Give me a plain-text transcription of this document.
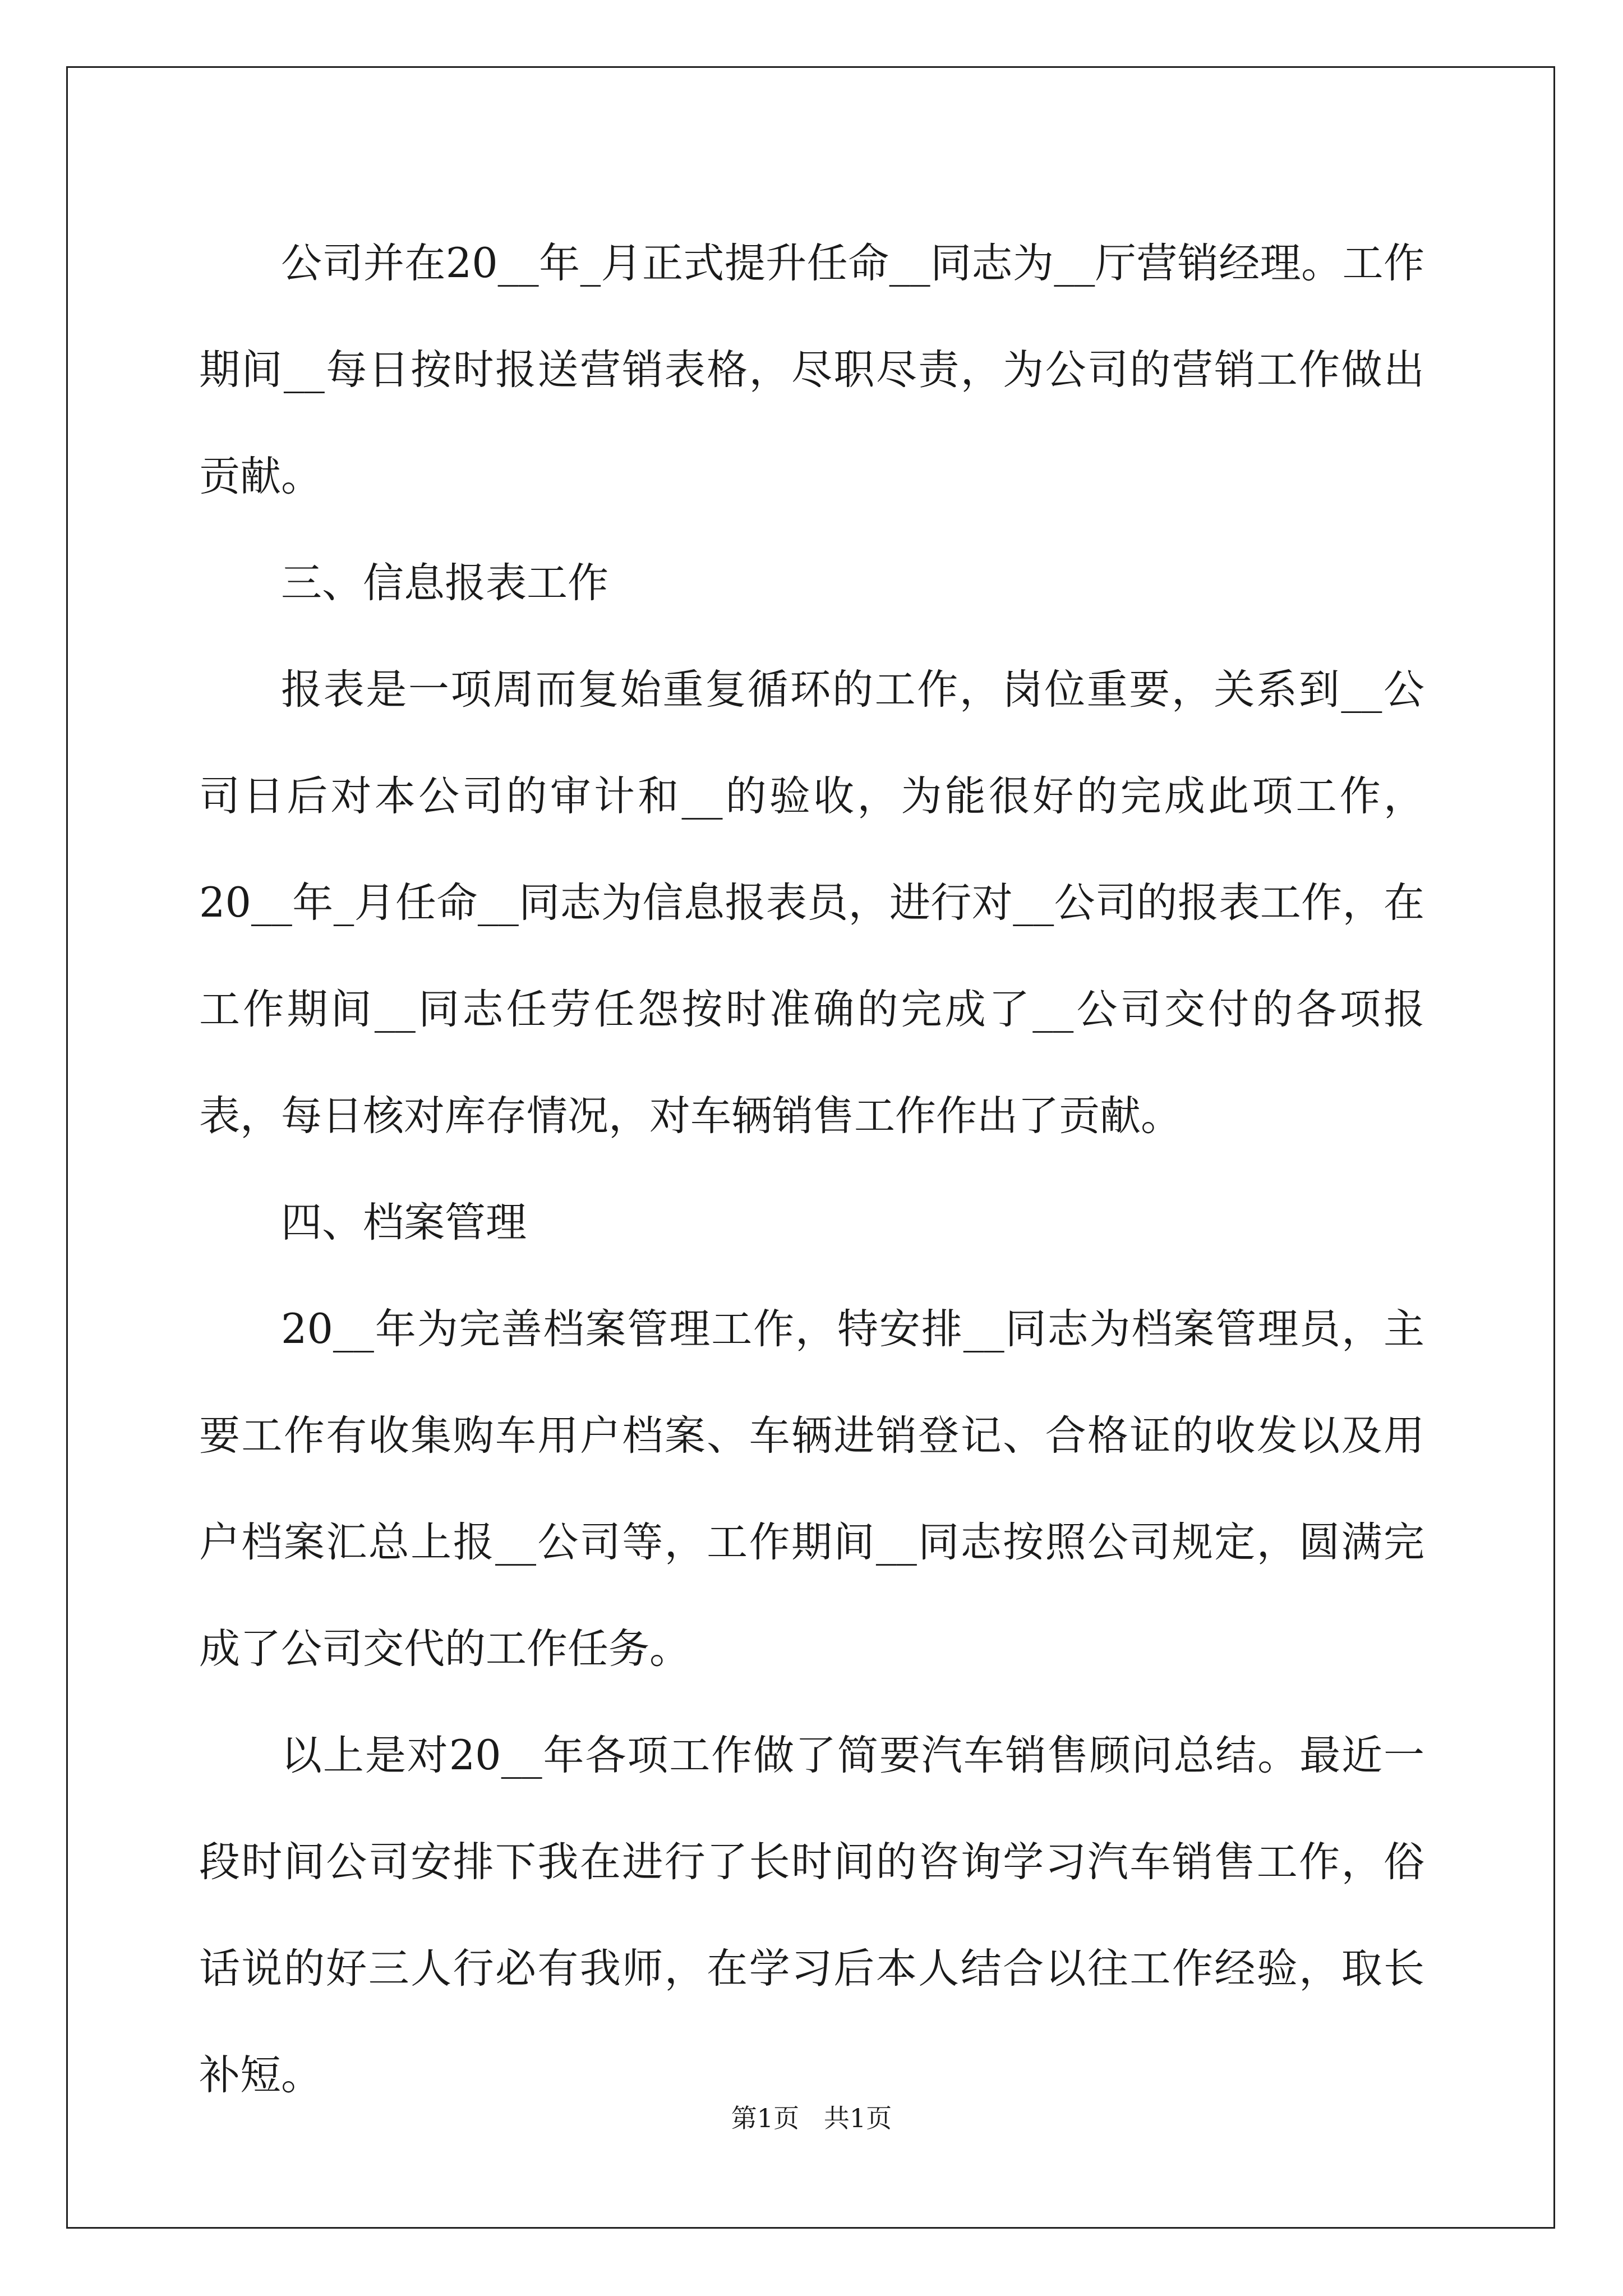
公司并在20__年_月正式提升任命__同志为__厅营销经理。工作期间__每日按时报送营销表格，尽职尽责，为公司的营销工作做出贡献。

三、信息报表工作

报表是一项周而复始重复循环的工作，岗位重要，关系到__公司日后对本公司的审计和__的验收，为能很好的完成此项工作，20__年_月任命__同志为信息报表员，进行对__公司的报表工作，在工作期间__同志任劳任怨按时准确的完成了__公司交付的各项报表，每日核对库存情况，对车辆销售工作作出了贡献。

四、档案管理

20__年为完善档案管理工作，特安排__同志为档案管理员，主要工作有收集购车用户档案、车辆进销登记、合格证的收发以及用户档案汇总上报__公司等，工作期间__同志按照公司规定，圆满完成了公司交代的工作任务。

以上是对20__年各项工作做了简要汽车销售顾问总结。最近一段时间公司安排下我在进行了长时间的咨询学习汽车销售工作，俗话说的好三人行必有我师，在学习后本人结合以往工作经验，取长补短。

第1页   共1页
